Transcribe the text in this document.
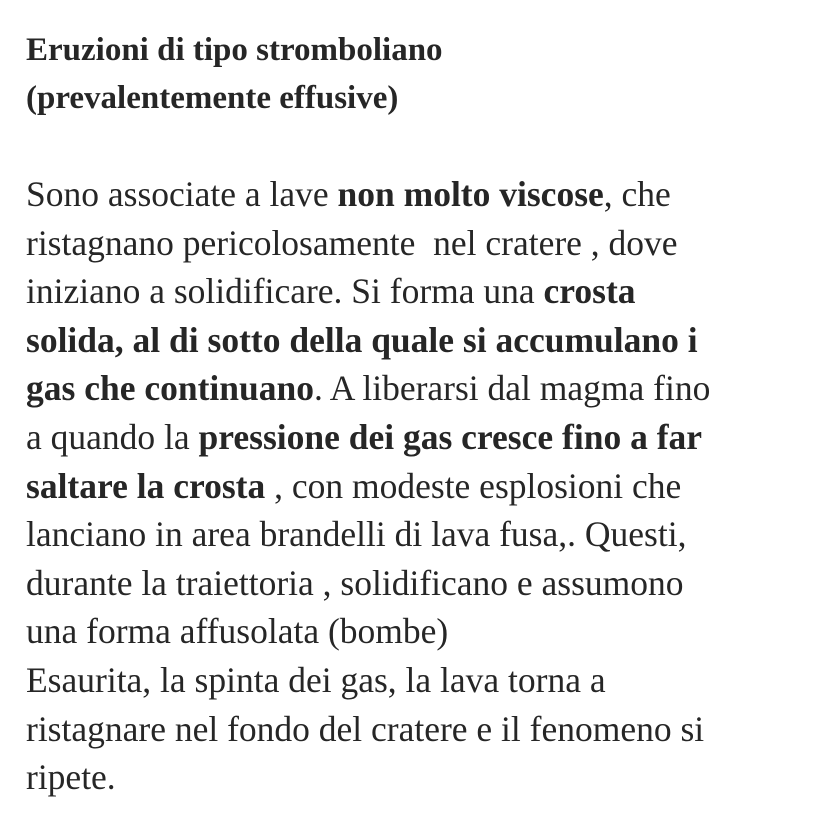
Eruzioni di tipo stromboliano
(prevalentemente effusive)

Sono associate a lave non molto viscose, che
ristagnano pericolosamente  nel cratere , dove
iniziano a solidificare. Si forma una crosta
solida, al di sotto della quale si accumulano i
gas che continuano. A liberarsi dal magma fino
a quando la pressione dei gas cresce fino a far
saltare la crosta , con modeste esplosioni che
lanciano in area brandelli di lava fusa,. Questi,
durante la traiettoria , solidificano e assumono
una forma affusolata (bombe)
Esaurita, la spinta dei gas, la lava torna a
ristagnare nel fondo del cratere e il fenomeno si
ripete.
